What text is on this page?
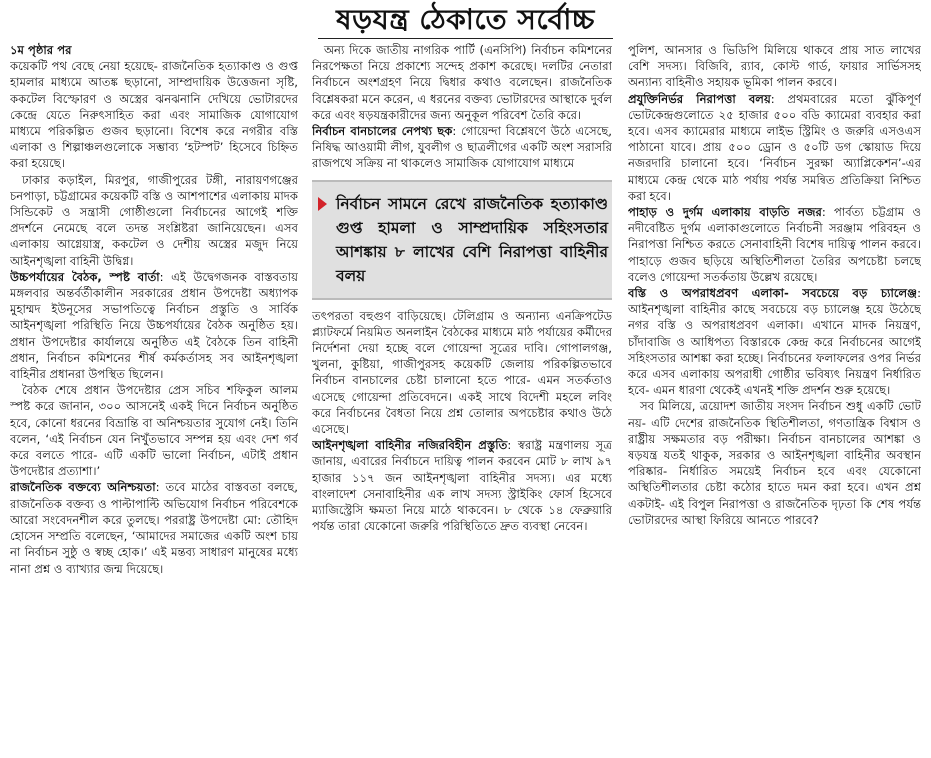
ষড়যন্ত্র ঠেকাতে সর্বোচ্চ

১ম পৃষ্ঠার পর

কয়েকটি পথ বেছে নেয়া হয়েছে- রাজনৈতিক হত্যাকাণ্ড ও গুপ্ত হামলার মাধ্যমে আতঙ্ক ছড়ানো, সাম্প্রদায়িক উত্তেজনা সৃষ্টি, ককটেল বিস্ফোরণ ও অস্ত্রের ঝনঝনানি দেখিয়ে ভোটারদের কেন্দ্রে যেতে নিরুৎসাহিত করা এবং সামাজিক যোগাযোগ মাধ্যমে পরিকল্পিত গুজব ছড়ানো। বিশেষ করে নগরীর বস্তি এলাকা ও শিল্পাঞ্চলগুলোকে সম্ভাব্য ‘হটস্পট’ হিসেবে চিহ্নিত করা হয়েছে।

ঢাকার কড়াইল, মিরপুর, গাজীপুরের টঙ্গী, নারায়ণগঞ্জের চনপাড়া, চট্টগ্রামের কয়েকটি বস্তি ও আশপাশের এলাকায় মাদক সিন্ডিকেট ও সন্ত্রাসী গোষ্ঠীগুলো নির্বাচনের আগেই শক্তি প্রদর্শনে নেমেছে বলে তদন্ত সংশ্লিষ্টরা জানিয়েছেন। এসব এলাকায় আগ্নেয়াস্ত্র, ককটেল ও দেশীয় অস্ত্রের মজুদ নিয়ে আইনশৃঙ্খলা বাহিনী উদ্বিগ্ন।

উচ্চপর্যায়ের বৈঠক, স্পষ্ট বার্তা: এই উদ্বেগজনক বাস্তবতায় মঙ্গলবার অন্তর্বর্তীকালীন সরকারের প্রধান উপদেষ্টা অধ্যাপক মুহাম্মদ ইউনূসের সভাপতিত্বে নির্বাচন প্রস্তুতি ও সার্বিক আইনশৃঙ্খলা পরিস্থিতি নিয়ে উচ্চপর্যায়ের বৈঠক অনুষ্ঠিত হয়। প্রধান উপদেষ্টার কার্যালয়ে অনুষ্ঠিত এই বৈঠকে তিন বাহিনী প্রধান, নির্বাচন কমিশনের শীর্ষ কর্মকর্তাসহ সব আইনশৃঙ্খলা বাহিনীর প্রধানরা উপস্থিত ছিলেন।

বৈঠক শেষে প্রধান উপদেষ্টার প্রেস সচিব শফিকুল আলম স্পষ্ট করে জানান, ৩০০ আসনেই একই দিনে নির্বাচন অনুষ্ঠিত হবে, কোনো ধরনের বিভ্রান্তি বা অনিশ্চয়তার সুযোগ নেই। তিনি বলেন, ‘এই নির্বাচন যেন নিখুঁতভাবে সম্পন্ন হয় এবং দেশ গর্ব করে বলতে পারে- এটি একটি ভালো নির্বাচন, এটাই প্রধান উপদেষ্টার প্রত্যাশা।’

রাজনৈতিক বক্তব্যে অনিশ্চয়তা: তবে মাঠের বাস্তবতা বলছে, রাজনৈতিক বক্তব্য ও পাল্টাপাল্টি অভিযোগ নির্বাচন পরিবেশকে আরো সংবেদনশীল করে তুলছে। পররাষ্ট্র উপদেষ্টা মো: তৌহিদ হোসেন সম্প্রতি বলেছেন, ‘আমাদের সমাজের একটি অংশ চায় না নির্বাচন সুষ্ঠু ও স্বচ্ছ হোক।’ এই মন্তব্য সাধারণ মানুষের মধ্যে নানা প্রশ্ন ও ব্যাখ্যার জন্ম দিয়েছে।

অন্য দিকে জাতীয় নাগরিক পার্টি (এনসিপি) নির্বাচন কমিশনের নিরপেক্ষতা নিয়ে প্রকাশ্যে সন্দেহ প্রকাশ করেছে। দলটির নেতারা নির্বাচনে অংশগ্রহণ নিয়ে দ্বিধার কথাও বলেছেন। রাজনৈতিক বিশ্লেষকরা মনে করেন, এ ধরনের বক্তব্য ভোটারদের আস্থাকে দুর্বল করে এবং ষড়যন্ত্রকারীদের জন্য অনুকূল পরিবেশ তৈরি করে।

নির্বাচন বানচালের নেপথ্য ছক: গোয়েন্দা বিশ্লেষণে উঠে এসেছে, নিষিদ্ধ আওয়ামী লীগ, যুবলীগ ও ছাত্রলীগের একটি অংশ সরাসরি রাজপথে সক্রিয় না থাকলেও সামাজিক যোগাযোগ মাধ্যমে

নির্বাচন সামনে রেখে রাজনৈতিক হত্যাকাণ্ড গুপ্ত হামলা ও সাম্প্রদায়িক সহিংসতার আশঙ্কায় ৮ লাখের বেশি নিরাপত্তা বাহিনীর বলয়

তৎপরতা বহুগুণ বাড়িয়েছে। টেলিগ্রাম ও অন্যান্য এনক্রিপটেড প্ল্যাটফর্মে নিয়মিত অনলাইন বৈঠকের মাধ্যমে মাঠ পর্যায়ের কর্মীদের নির্দেশনা দেয়া হচ্ছে বলে গোয়েন্দা সূত্রের দাবি। গোপালগঞ্জ, খুলনা, কুষ্টিয়া, গাজীপুরসহ কয়েকটি জেলায় পরিকল্পিতভাবে নির্বাচন বানচালের চেষ্টা চালানো হতে পারে- এমন সতর্কতাও এসেছে গোয়েন্দা প্রতিবেদনে। একই সাথে বিদেশী মহলে লবিং করে নির্বাচনের বৈধতা নিয়ে প্রশ্ন তোলার অপচেষ্টার কথাও উঠে এসেছে।

আইনশৃঙ্খলা বাহিনীর নজিরবিহীন প্রস্তুতি: স্বরাষ্ট্র মন্ত্রণালয় সূত্র জানায়, এবারের নির্বাচনে দায়িত্ব পালন করবেন মোট ৮ লাখ ৯৭ হাজার ১১৭ জন আইনশৃঙ্খলা বাহিনীর সদস্য। এর মধ্যে বাংলাদেশ সেনাবাহিনীর এক লাখ সদস্য স্ট্রাইকিং ফোর্স হিসেবে ম্যাজিস্ট্রেসি ক্ষমতা নিয়ে মাঠে থাকবেন। ৮ থেকে ১৪ ফেব্রুয়ারি পর্যন্ত তারা যেকোনো জরুরি পরিস্থিতিতে দ্রুত ব্যবস্থা নেবেন।

পুলিশ, আনসার ও ভিডিপি মিলিয়ে থাকবে প্রায় সাত লাখের বেশি সদস্য। বিজিবি, র‍্যাব, কোস্ট গার্ড, ফায়ার সার্ভিসসহ অন্যান্য বাহিনীও সহায়ক ভূমিকা পালন করবে।

প্রযুক্তিনির্ভর নিরাপত্তা বলয়: প্রথমবারের মতো ঝুঁকিপূর্ণ ভোটকেন্দ্রগুলোতে ২৫ হাজার ৫০০ বডি ক্যামেরা ব্যবহার করা হবে। এসব ক্যামেরার মাধ্যমে লাইভ স্ট্রিমিং ও জরুরি এসওএস পাঠানো যাবে। প্রায় ৫০০ ড্রোন ও ৫০টি ডগ স্কোয়াড দিয়ে নজরদারি চালানো হবে। ‘নির্বাচন সুরক্ষা অ্যাপ্লিকেশন’-এর মাধ্যমে কেন্দ্র থেকে মাঠ পর্যায় পর্যন্ত সমন্বিত প্রতিক্রিয়া নিশ্চিত করা হবে।

পাহাড় ও দুর্গম এলাকায় বাড়তি নজর: পার্বত্য চট্টগ্রাম ও নদীবেষ্টিত দুর্গম এলাকাগুলোতে নির্বাচনী সরঞ্জাম পরিবহন ও নিরাপত্তা নিশ্চিত করতে সেনাবাহিনী বিশেষ দায়িত্ব পালন করবে। পাহাড়ে গুজব ছড়িয়ে অস্থিতিশীলতা তৈরির অপচেষ্টা চলছে বলেও গোয়েন্দা সতর্কতায় উল্লেখ রয়েছে।

বস্তি ও অপরাধপ্রবণ এলাকা- সবচেয়ে বড় চ্যালেঞ্জ: আইনশৃঙ্খলা বাহিনীর কাছে সবচেয়ে বড় চ্যালেঞ্জ হয়ে উঠেছে নগর বস্তি ও অপরাধপ্রবণ এলাকা। এখানে মাদক নিয়ন্ত্রণ, চাঁদাবাজি ও আধিপত্য বিস্তারকে কেন্দ্র করে নির্বাচনের আগেই সহিংসতার আশঙ্কা করা হচ্ছে। নির্বাচনের ফলাফলের ওপর নির্ভর করে এসব এলাকায় অপরাধী গোষ্ঠীর ভবিষ্যৎ নিয়ন্ত্রণ নির্ধারিত হবে- এমন ধারণা থেকেই এখনই শক্তি প্রদর্শন শুরু হয়েছে।

সব মিলিয়ে, ত্রয়োদশ জাতীয় সংসদ নির্বাচন শুধু একটি ভোট নয়- এটি দেশের রাজনৈতিক স্থিতিশীলতা, গণতান্ত্রিক বিশ্বাস ও রাষ্ট্রীয় সক্ষমতার বড় পরীক্ষা। নির্বাচন বানচালের আশঙ্কা ও ষড়যন্ত্র যতই থাকুক, সরকার ও আইনশৃঙ্খলা বাহিনীর অবস্থান পরিষ্কার- নির্ধারিত সময়েই নির্বাচন হবে এবং যেকোনো অস্থিতিশীলতার চেষ্টা কঠোর হাতে দমন করা হবে। এখন প্রশ্ন একটাই- এই বিপুল নিরাপত্তা ও রাজনৈতিক দৃঢ়তা কি শেষ পর্যন্ত ভোটারদের আস্থা ফিরিয়ে আনতে পারবে?
